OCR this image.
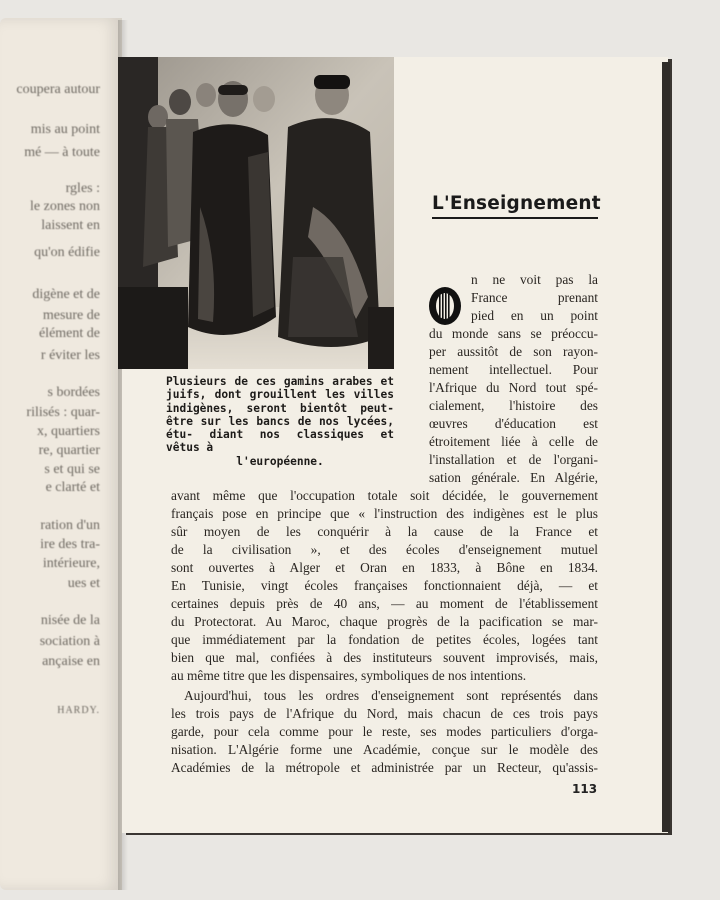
coupera autour
mis au point
mé — à toute
rgles :
le zones non
laissent en
qu'on édifie
digène et de
mesure de
élément de
r éviter les
s bordées
rilisés : quar-
x, quartiers
re, quartier
s et qui se
e clarté et
ration d'un
ire des tra-
intérieure,
ues et
nisée de la
sociation à
ançaise en
HARDY.
Plusieurs de ces gamins arabes et juifs, dont grouillent les villes indigènes, seront bientôt peut-être sur les bancs de nos lycées, étu- diant nos classiques et vêtus à
l'européenne.
L'Enseignement
n ne voit pas la
France prenant
pied en un point
du monde sans se préoccu-
per aussitôt de son rayon-
nement intellectuel. Pour
l'Afrique du Nord tout spé-
cialement, l'histoire des
œuvres d'éducation est
étroitement liée à celle de
l'installation et de l'organi-
sation générale. En Algérie,
avant même que l'occupation totale soit décidée, le gouvernement
français pose en principe que « l'instruction des indigènes est le plus
sûr moyen de les conquérir à la cause de la France et
de la civilisation », et des écoles d'enseignement mutuel
sont ouvertes à Alger et Oran en 1833, à Bône en 1834.
En Tunisie, vingt écoles françaises fonctionnaient déjà, — et
certaines depuis près de 40 ans, — au moment de l'établissement
du Protectorat. Au Maroc, chaque progrès de la pacification se mar-
que immédiatement par la fondation de petites écoles, logées tant
bien que mal, confiées à des instituteurs souvent improvisés, mais,
au même titre que les dispensaires, symboliques de nos intentions.
Aujourd'hui, tous les ordres d'enseignement sont représentés dans
les trois pays de l'Afrique du Nord, mais chacun de ces trois pays
garde, pour cela comme pour le reste, ses modes particuliers d'orga-
nisation. L'Algérie forme une Académie, conçue sur le modèle des
Académies de la métropole et administrée par un Recteur, qu'assis-
113
